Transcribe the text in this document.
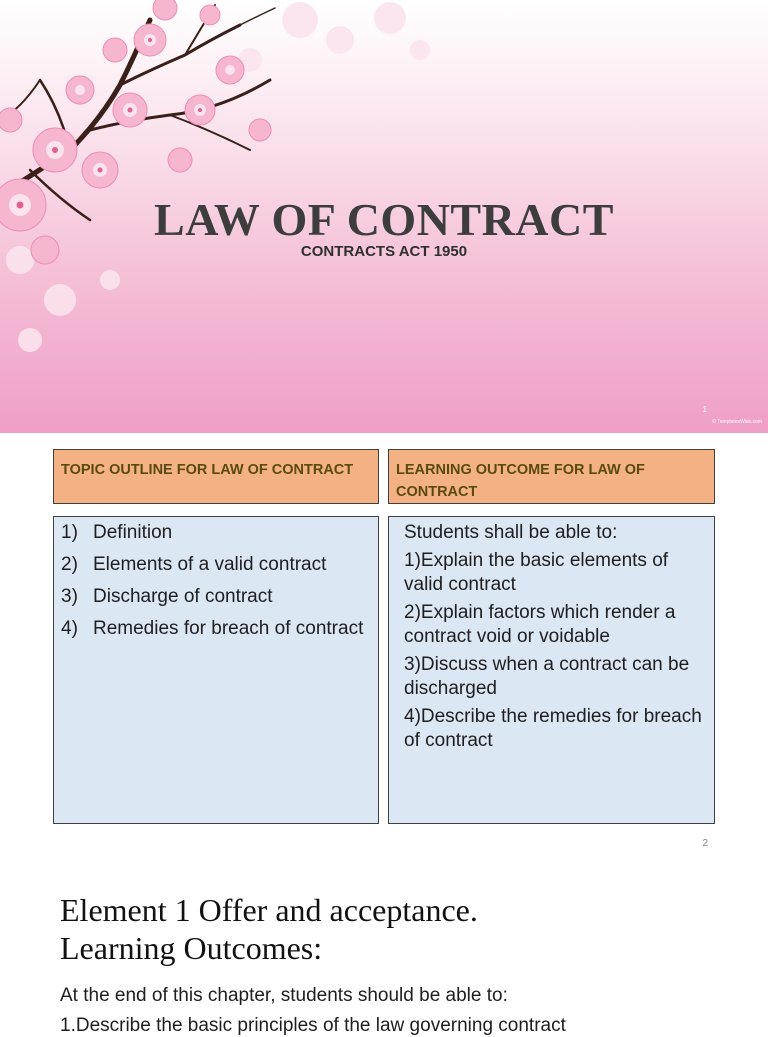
LAW OF CONTRACT
CONTRACTS ACT 1950
1
© TemplatesWise.com
TOPIC OUTLINE FOR LAW OF CONTRACT	LEARNING OUTCOME FOR LAW OF CONTRACT
1) Definition
2) Elements of a valid contract
3) Discharge of contract
4) Remedies for breach of contract
Students shall be able to:
1)Explain the basic elements of valid contract
2)Explain factors which render a contract void or voidable
3)Discuss when a contract can be discharged
4)Describe the remedies for breach of contract
2
Element 1 Offer and acceptance.
Learning Outcomes:
At the end of this chapter, students should be able to:
1.Describe the basic principles of the law governing contract
